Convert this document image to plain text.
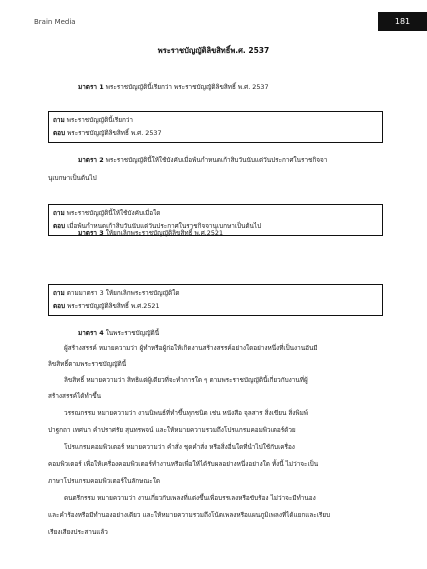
Brain Media	181
พระราชบัญญัติลิขสิทธิ์พ.ศ. 2537
มาตรา 1 พระราชบัญญัตินี้เรียกว่า พระราชบัญญัติลิขสิทธิ์ พ.ศ. 2537
ถาม พระราชบัญญัตินี้เรียกว่า
ตอบ พระราชบัญญัติลิขสิทธิ์ พ.ศ. 2537
มาตรา 2 พระราชบัญญัตินี้ให้ใช้บังคับเมื่อพ้นกำหนดเก้าสิบวันนับแต่วันประกาศในราชกิจจา
นุเบกษาเป็นต้นไป
ถาม พระราชบัญญัตินี้ให้ใช้บังคับเมื่อใด
ตอบ เมื่อพ้นกำหนดเก้าสิบวันนับแต่วันประกาศในราชกิจจานุเบกษาเป็นต้นไป
มาตรา 3 ให้ยกเลิกพระราชบัญญัติลิขสิทธิ์ พ.ศ.2521
ถาม ตามมาตรา 3 ให้ยกเลิกพระราชบัญญัติใด
ตอบ พระราชบัญญัติลิขสิทธิ์ พ.ศ.2521
มาตรา 4 ในพระราชบัญญัตินี้
ผู้สร้างสรรค์ หมายความว่า ผู้ทำหรือผู้ก่อให้เกิดงานสร้างสรรค์อย่างใดอย่างหนึ่งที่เป็นงานอันมี
ลิขสิทธิ์ตามพระราชบัญญัตินี้
ลิขสิทธิ์ หมายความว่า สิทธิแต่ผู้เดียวที่จะทำการใด ๆ ตามพระราชบัญญัตินี้เกี่ยวกับงานที่ผู้
สร้างสรรค์ได้ทำขึ้น
วรรณกรรม หมายความว่า งานนิพนธ์ที่ทำขึ้นทุกชนิด เช่น หนังสือ จุลสาร สิ่งเขียน สิ่งพิมพ์
ปาฐกถา เทศนา คำปราศรัย สุนทรพจน์ และให้หมายความรวมถึงโปรแกรมคอมพิวเตอร์ด้วย
โปรแกรมคอมพิวเตอร์ หมายความว่า คำสั่ง ชุดคำสั่ง หรือสิ่งอื่นใดที่นำไปใช้กับเครื่อง
คอมพิวเตอร์ เพื่อให้เครื่องคอมพิวเตอร์ทำงานหรือเพื่อให้ได้รับผลอย่างหนึ่งอย่างใด ทั้งนี้ ไม่ว่าจะเป็น
ภาษาโปรแกรมคอมพิวเตอร์ในลักษณะใด
ดนตรีกรรม หมายความว่า งานเกี่ยวกับเพลงที่แต่งขึ้นเพื่อบรรเลงหรือขับร้อง ไม่ว่าจะมีทำนอง
และคำร้องหรือมีทำนองอย่างเดียว และให้หมายความรวมถึงโน้ตเพลงหรือแผนภูมิเพลงที่ได้แยกและเรียบ
เรียงเสียงประสานแล้ว
